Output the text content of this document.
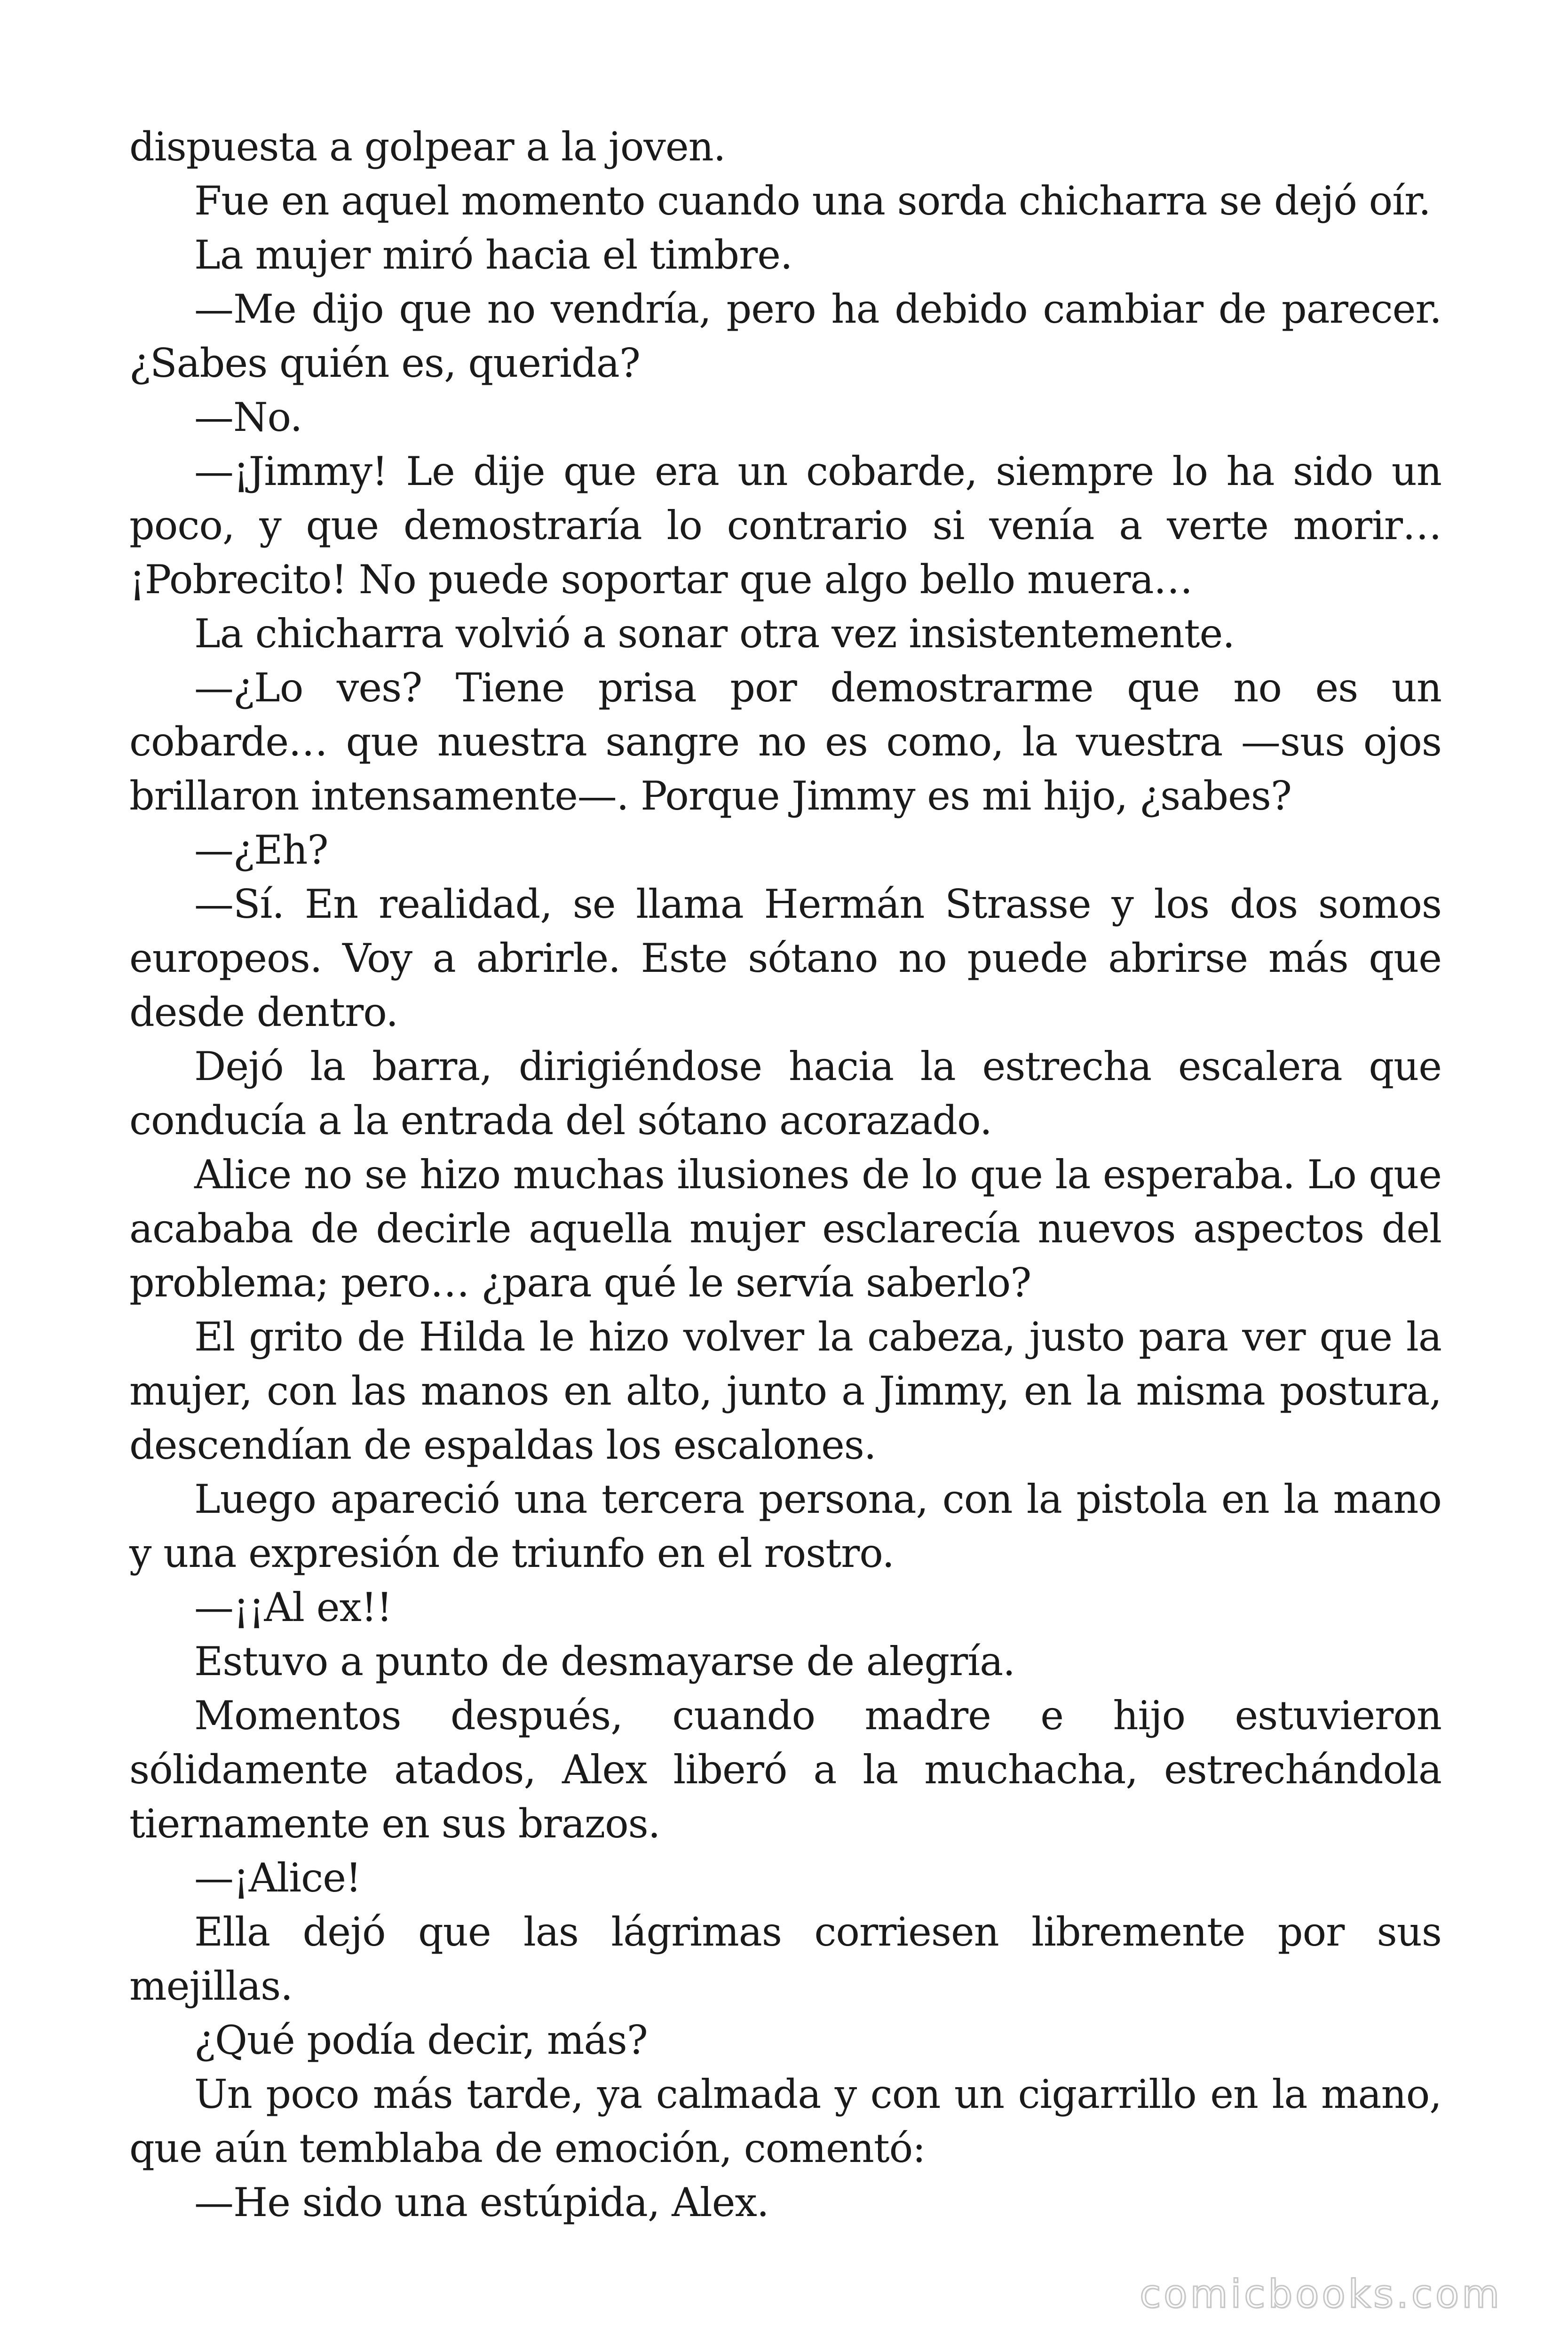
dispuesta a golpear a la joven.

Fue en aquel momento cuando una sorda chicharra se dejó oír.

La mujer miró hacia el timbre.

—Me dijo que no vendría, pero ha debido cambiar de parecer. ¿Sabes quién es, querida?

—No.

—¡Jimmy! Le dije que era un cobarde, siempre lo ha sido un poco, y que demostraría lo contrario si venía a verte morir… ¡Pobrecito! No puede soportar que algo bello muera…

La chicharra volvió a sonar otra vez insistentemente.

—¿Lo ves? Tiene prisa por demostrarme que no es un cobarde… que nuestra sangre no es como, la vuestra —sus ojos brillaron intensamente—. Porque Jimmy es mi hijo, ¿sabes?

—¿Eh?

—Sí. En realidad, se llama Hermán Strasse y los dos somos europeos. Voy a abrirle. Este sótano no puede abrirse más que desde dentro.

Dejó la barra, dirigiéndose hacia la estrecha escalera que conducía a la entrada del sótano acorazado.

Alice no se hizo muchas ilusiones de lo que la esperaba. Lo que acababa de decirle aquella mujer esclarecía nuevos aspectos del problema; pero… ¿para qué le servía saberlo?

El grito de Hilda le hizo volver la cabeza, justo para ver que la mujer, con las manos en alto, junto a Jimmy, en la misma postura, descendían de espaldas los escalones.

Luego apareció una tercera persona, con la pistola en la mano y una expresión de triunfo en el rostro.

—¡¡Al ex!!

Estuvo a punto de desmayarse de alegría.

Momentos después, cuando madre e hijo estuvieron sólidamente atados, Alex liberó a la muchacha, estrechándola tiernamente en sus brazos.

—¡Alice!

Ella dejó que las lágrimas corriesen libremente por sus mejillas.

¿Qué podía decir, más?

Un poco más tarde, ya calmada y con un cigarrillo en la mano, que aún temblaba de emoción, comentó:

—He sido una estúpida, Alex.

comicbooks.com
